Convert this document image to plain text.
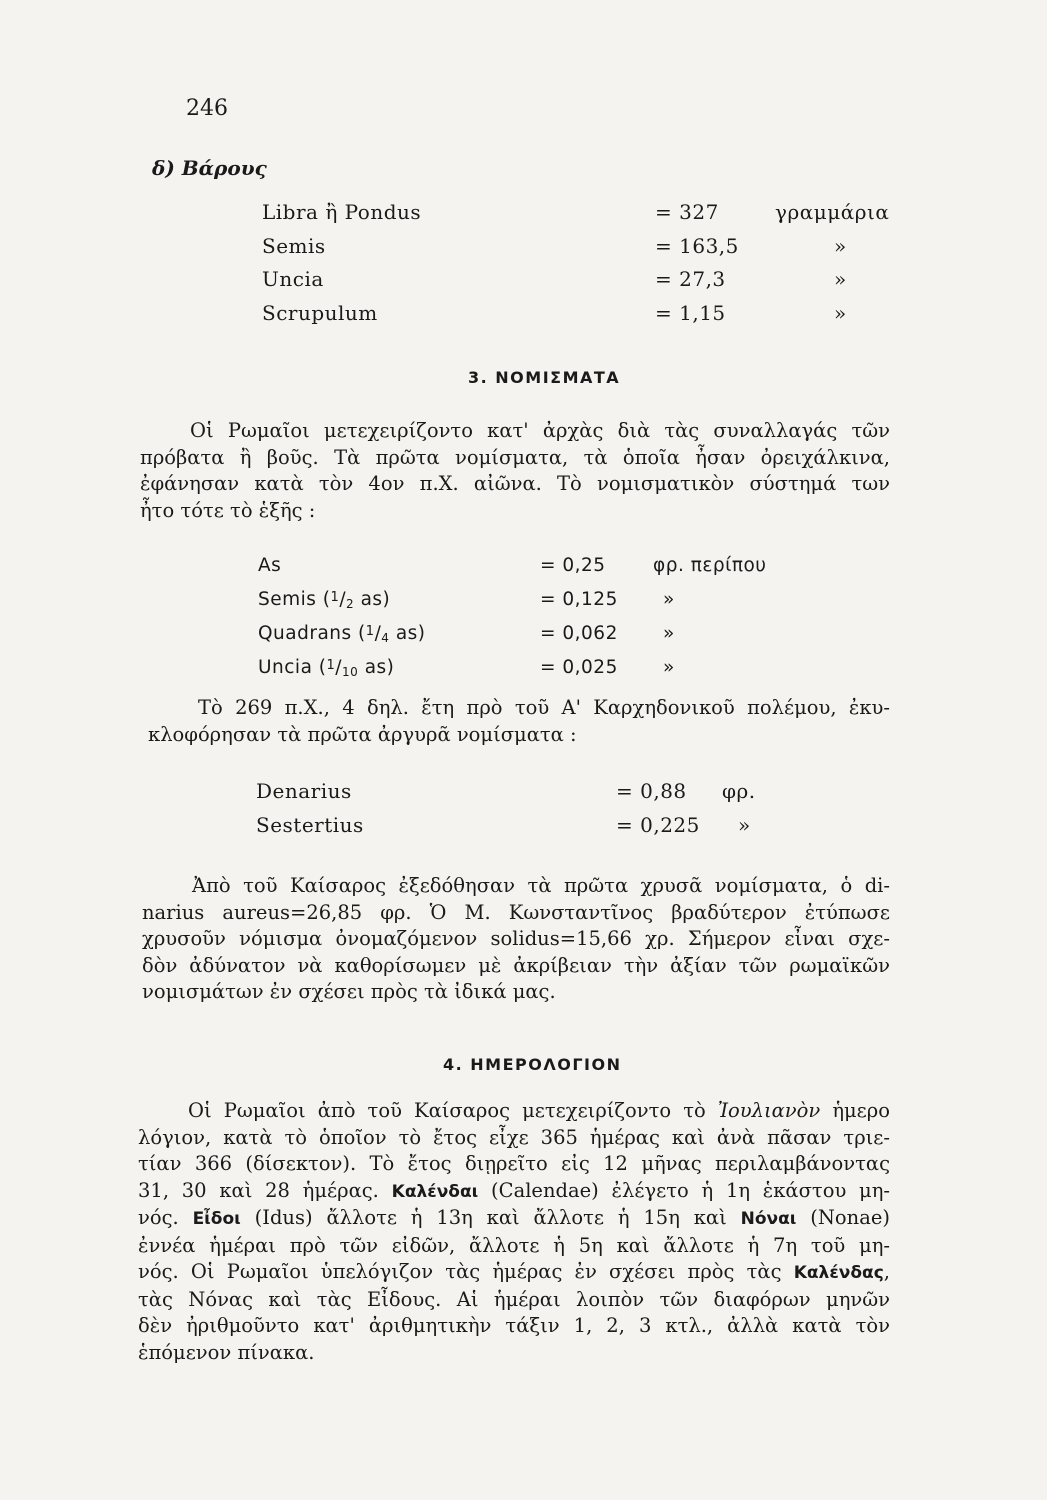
246
δ) Βάρους
Libra ἢ Pondus	= 327	γραμμάρια
Semis	= 163,5	»
Uncia	= 27,3	»
Scrupulum	= 1,15	»
3. ΝΟΜΙΣΜΑΤΑ
Οἱ Ρωμαῖοι μετεχειρίζοντο κατ' ἀρχὰς διὰ τὰς συναλλαγάς τῶν
πρόβατα ἢ βοῦς. Τὰ πρῶτα νομίσματα, τὰ ὁποῖα ἦσαν ὀρειχάλκινα,
ἐφάνησαν κατὰ τὸν 4ον π.Χ. αἰῶνα. Τὸ νομισματικὸν σύστημά των
ἦτο τότε τὸ ἑξῆς :
As	= 0,25	φρ. περίπου
Semis ($^1$/2 as)	= 0,125 »
Quadrans ($^1$/4 as)	= 0,062 »
Uncia ($^1$/10 as)	= 0,025 »
Τὸ 269 π.Χ., 4 δηλ. ἔτη πρὸ τοῦ Α' Καρχηδονικοῦ πολέμου, ἐκυ-
κλοφόρησαν τὰ πρῶτα ἀργυρᾶ νομίσματα :
Denarius	= 0,88 φρ.
Sestertius	= 0,225 »
Ἀπὸ τοῦ Καίσαρος ἐξεδόθησαν τὰ πρῶτα χρυσᾶ νομίσματα, ὁ di-
narius aureus=26,85 φρ. Ὁ Μ. Κωνσταντῖνος βραδύτερον ἐτύπωσε
χρυσοῦν νόμισμα ὀνομαζόμενον solidus=15,66 χρ. Σήμερον εἶναι σχε-
δὸν ἀδύνατον νὰ καθορίσωμεν μὲ ἀκρίβειαν τὴν ἀξίαν τῶν ρωμαϊκῶν
νομισμάτων ἐν σχέσει πρὸς τὰ ἰδικά μας.
4. ΗΜΕΡΟΛΟΓΙΟΝ
Οἱ Ρωμαῖοι ἀπὸ τοῦ Καίσαρος μετεχειρίζοντο τὸ Ἰουλιανὸν ἡμερο
λόγιον, κατὰ τὸ ὁποῖον τὸ ἔτος εἶχε 365 ἡμέρας καὶ ἀνὰ πᾶσαν τριε-
τίαν 366 (δίσεκτον). Τὸ ἔτος διῃρεῖτο εἰς 12 μῆνας περιλαμβάνοντας
31, 30 καὶ 28 ἡμέρας. Καλένδαι (Calendae) ἐλέγετο ἡ 1η ἑκάστου μη-
νός. Εἶδοι (Idus) ἄλλοτε ἡ 13η καὶ ἄλλοτε ἡ 15η καὶ Νόναι (Nonae)
ἐννέα ἡμέραι πρὸ τῶν εἰδῶν, ἄλλοτε ἡ 5η καὶ ἄλλοτε ἡ 7η τοῦ μη-
νός. Οἱ Ρωμαῖοι ὑπελόγιζον τὰς ἡμέρας ἐν σχέσει πρὸς τὰς Καλένδας,
τὰς Νόνας καὶ τὰς Εἶδους. Αἱ ἡμέραι λοιπὸν τῶν διαφόρων μηνῶν
δὲν ἠριθμοῦντο κατ' ἀριθμητικὴν τάξιν 1, 2, 3 κτλ., ἀλλὰ κατὰ τὸν
ἑπόμενον πίνακα.
